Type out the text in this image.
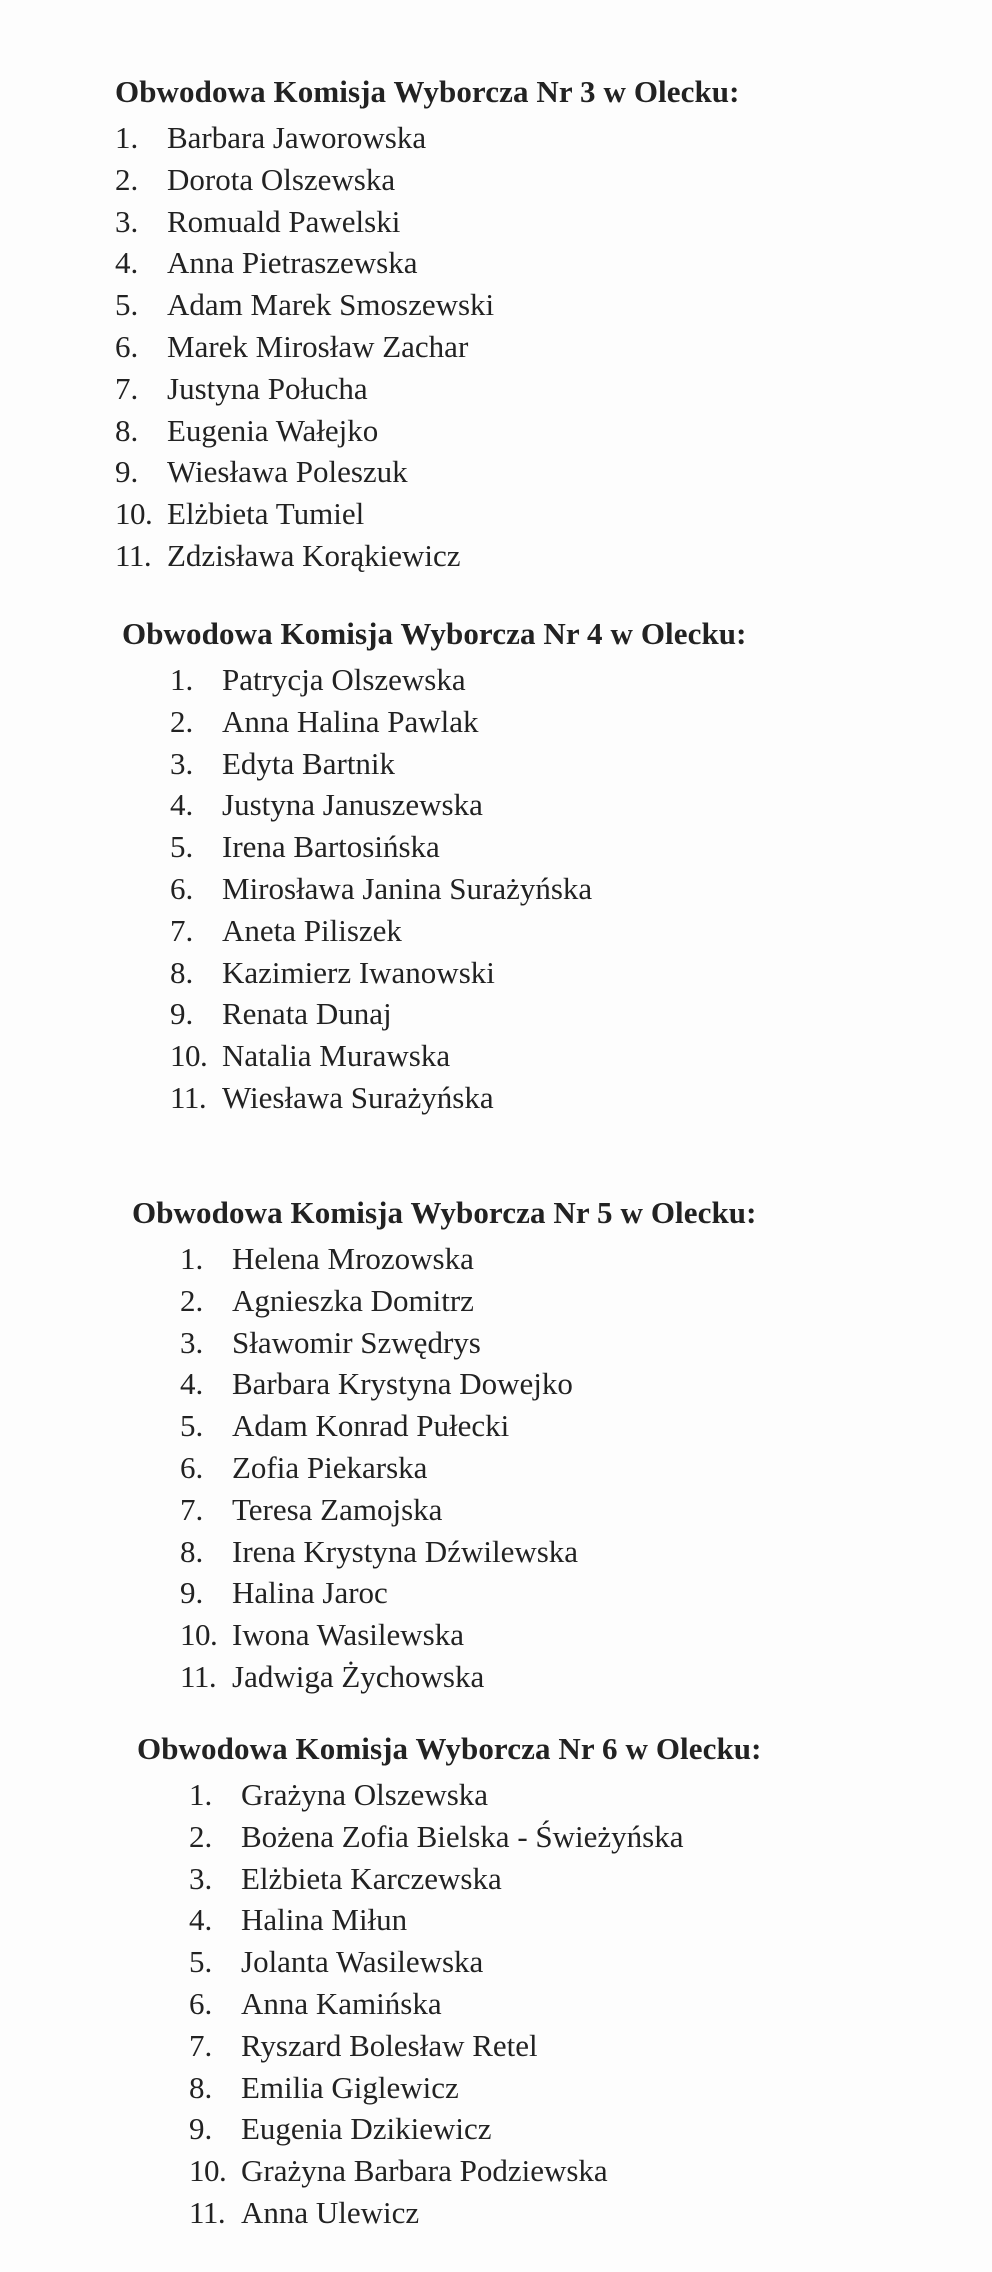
Obwodowa Komisja Wyborcza Nr 3 w Olecku:
1. Barbara Jaworowska
2. Dorota Olszewska
3. Romuald Pawelski
4. Anna Pietraszewska
5. Adam Marek Smoszewski
6. Marek Mirosław Zachar
7. Justyna Połucha
8. Eugenia Wałejko
9. Wiesława Poleszuk
10. Elżbieta Tumiel
11. Zdzisława Korąkiewicz
Obwodowa Komisja Wyborcza Nr 4 w Olecku:
1. Patrycja Olszewska
2. Anna Halina Pawlak
3. Edyta Bartnik
4. Justyna Januszewska
5. Irena Bartosińska
6. Mirosława Janina Surażyńska
7. Aneta Piliszek
8. Kazimierz Iwanowski
9. Renata Dunaj
10. Natalia Murawska
11. Wiesława Surażyńska
Obwodowa Komisja Wyborcza Nr 5 w Olecku:
1. Helena Mrozowska
2. Agnieszka Domitrz
3. Sławomir Szwędrys
4. Barbara Krystyna Dowejko
5. Adam Konrad Pułecki
6. Zofia Piekarska
7. Teresa Zamojska
8. Irena Krystyna Dźwilewska
9. Halina Jaroc
10. Iwona Wasilewska
11. Jadwiga Żychowska
Obwodowa Komisja Wyborcza Nr 6 w Olecku:
1. Grażyna Olszewska
2. Bożena Zofia Bielska - Świeżyńska
3. Elżbieta Karczewska
4. Halina Miłun
5. Jolanta Wasilewska
6. Anna Kamińska
7. Ryszard Bolesław Retel
8. Emilia Giglewicz
9. Eugenia Dzikiewicz
10. Grażyna Barbara Podziewska
11. Anna Ulewicz
